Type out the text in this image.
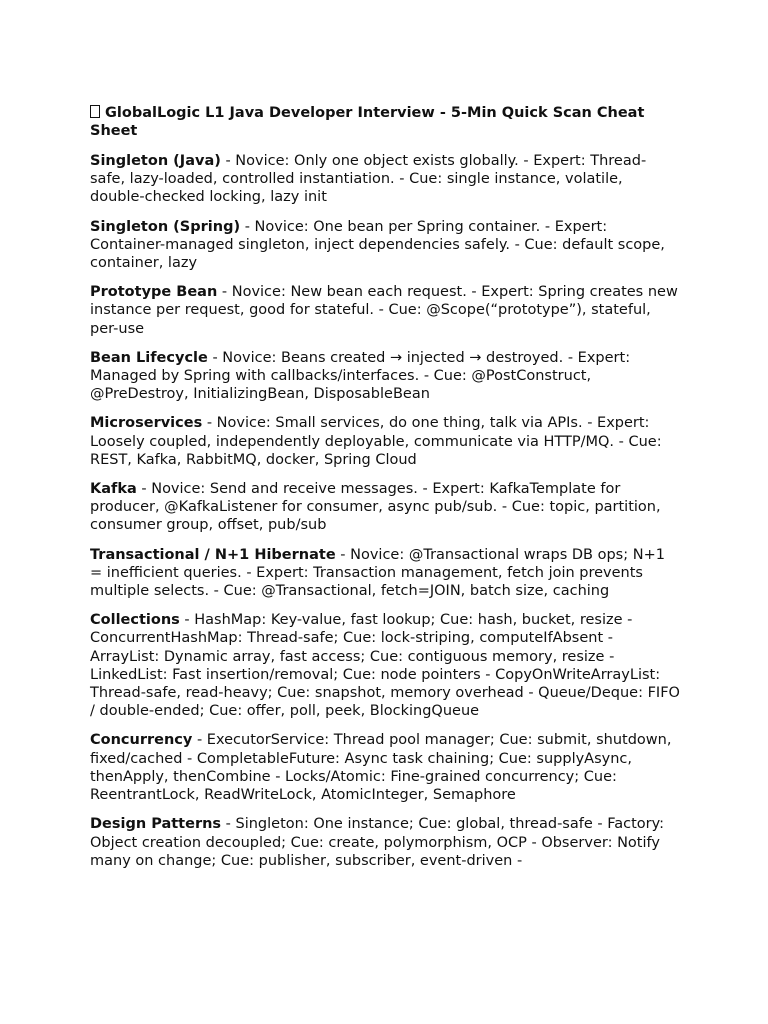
GlobalLogic L1 Java Developer Interview - 5-Min Quick Scan Cheat Sheet

Singleton (Java) - Novice: Only one object exists globally. - Expert: Thread-safe, lazy-loaded, controlled instantiation. - Cue: single instance, volatile, double-checked locking, lazy init

Singleton (Spring) - Novice: One bean per Spring container. - Expert: Container-managed singleton, inject dependencies safely. - Cue: default scope, container, lazy

Prototype Bean - Novice: New bean each request. - Expert: Spring creates new instance per request, good for stateful. - Cue: @Scope(“prototype”), stateful, per-use

Bean Lifecycle - Novice: Beans created → injected → destroyed. - Expert: Managed by Spring with callbacks/interfaces. - Cue: @PostConstruct, @PreDestroy, InitializingBean, DisposableBean

Microservices - Novice: Small services, do one thing, talk via APIs. - Expert: Loosely coupled, independently deployable, communicate via HTTP/MQ. - Cue: REST, Kafka, RabbitMQ, docker, Spring Cloud

Kafka - Novice: Send and receive messages. - Expert: KafkaTemplate for producer, @KafkaListener for consumer, async pub/sub. - Cue: topic, partition, consumer group, offset, pub/sub

Transactional / N+1 Hibernate - Novice: @Transactional wraps DB ops; N+1 = inefficient queries. - Expert: Transaction management, fetch join prevents multiple selects. - Cue: @Transactional, fetch=JOIN, batch size, caching

Collections - HashMap: Key-value, fast lookup; Cue: hash, bucket, resize - ConcurrentHashMap: Thread-safe; Cue: lock-striping, computeIfAbsent - ArrayList: Dynamic array, fast access; Cue: contiguous memory, resize - LinkedList: Fast insertion/removal; Cue: node pointers - CopyOnWriteArrayList: Thread-safe, read-heavy; Cue: snapshot, memory overhead - Queue/Deque: FIFO / double-ended; Cue: offer, poll, peek, BlockingQueue

Concurrency - ExecutorService: Thread pool manager; Cue: submit, shutdown, fixed/cached - CompletableFuture: Async task chaining; Cue: supplyAsync, thenApply, thenCombine - Locks/Atomic: Fine-grained concurrency; Cue: ReentrantLock, ReadWriteLock, AtomicInteger, Semaphore

Design Patterns - Singleton: One instance; Cue: global, thread-safe - Factory: Object creation decoupled; Cue: create, polymorphism, OCP - Observer: Notify many on change; Cue: publisher, subscriber, event-driven -
